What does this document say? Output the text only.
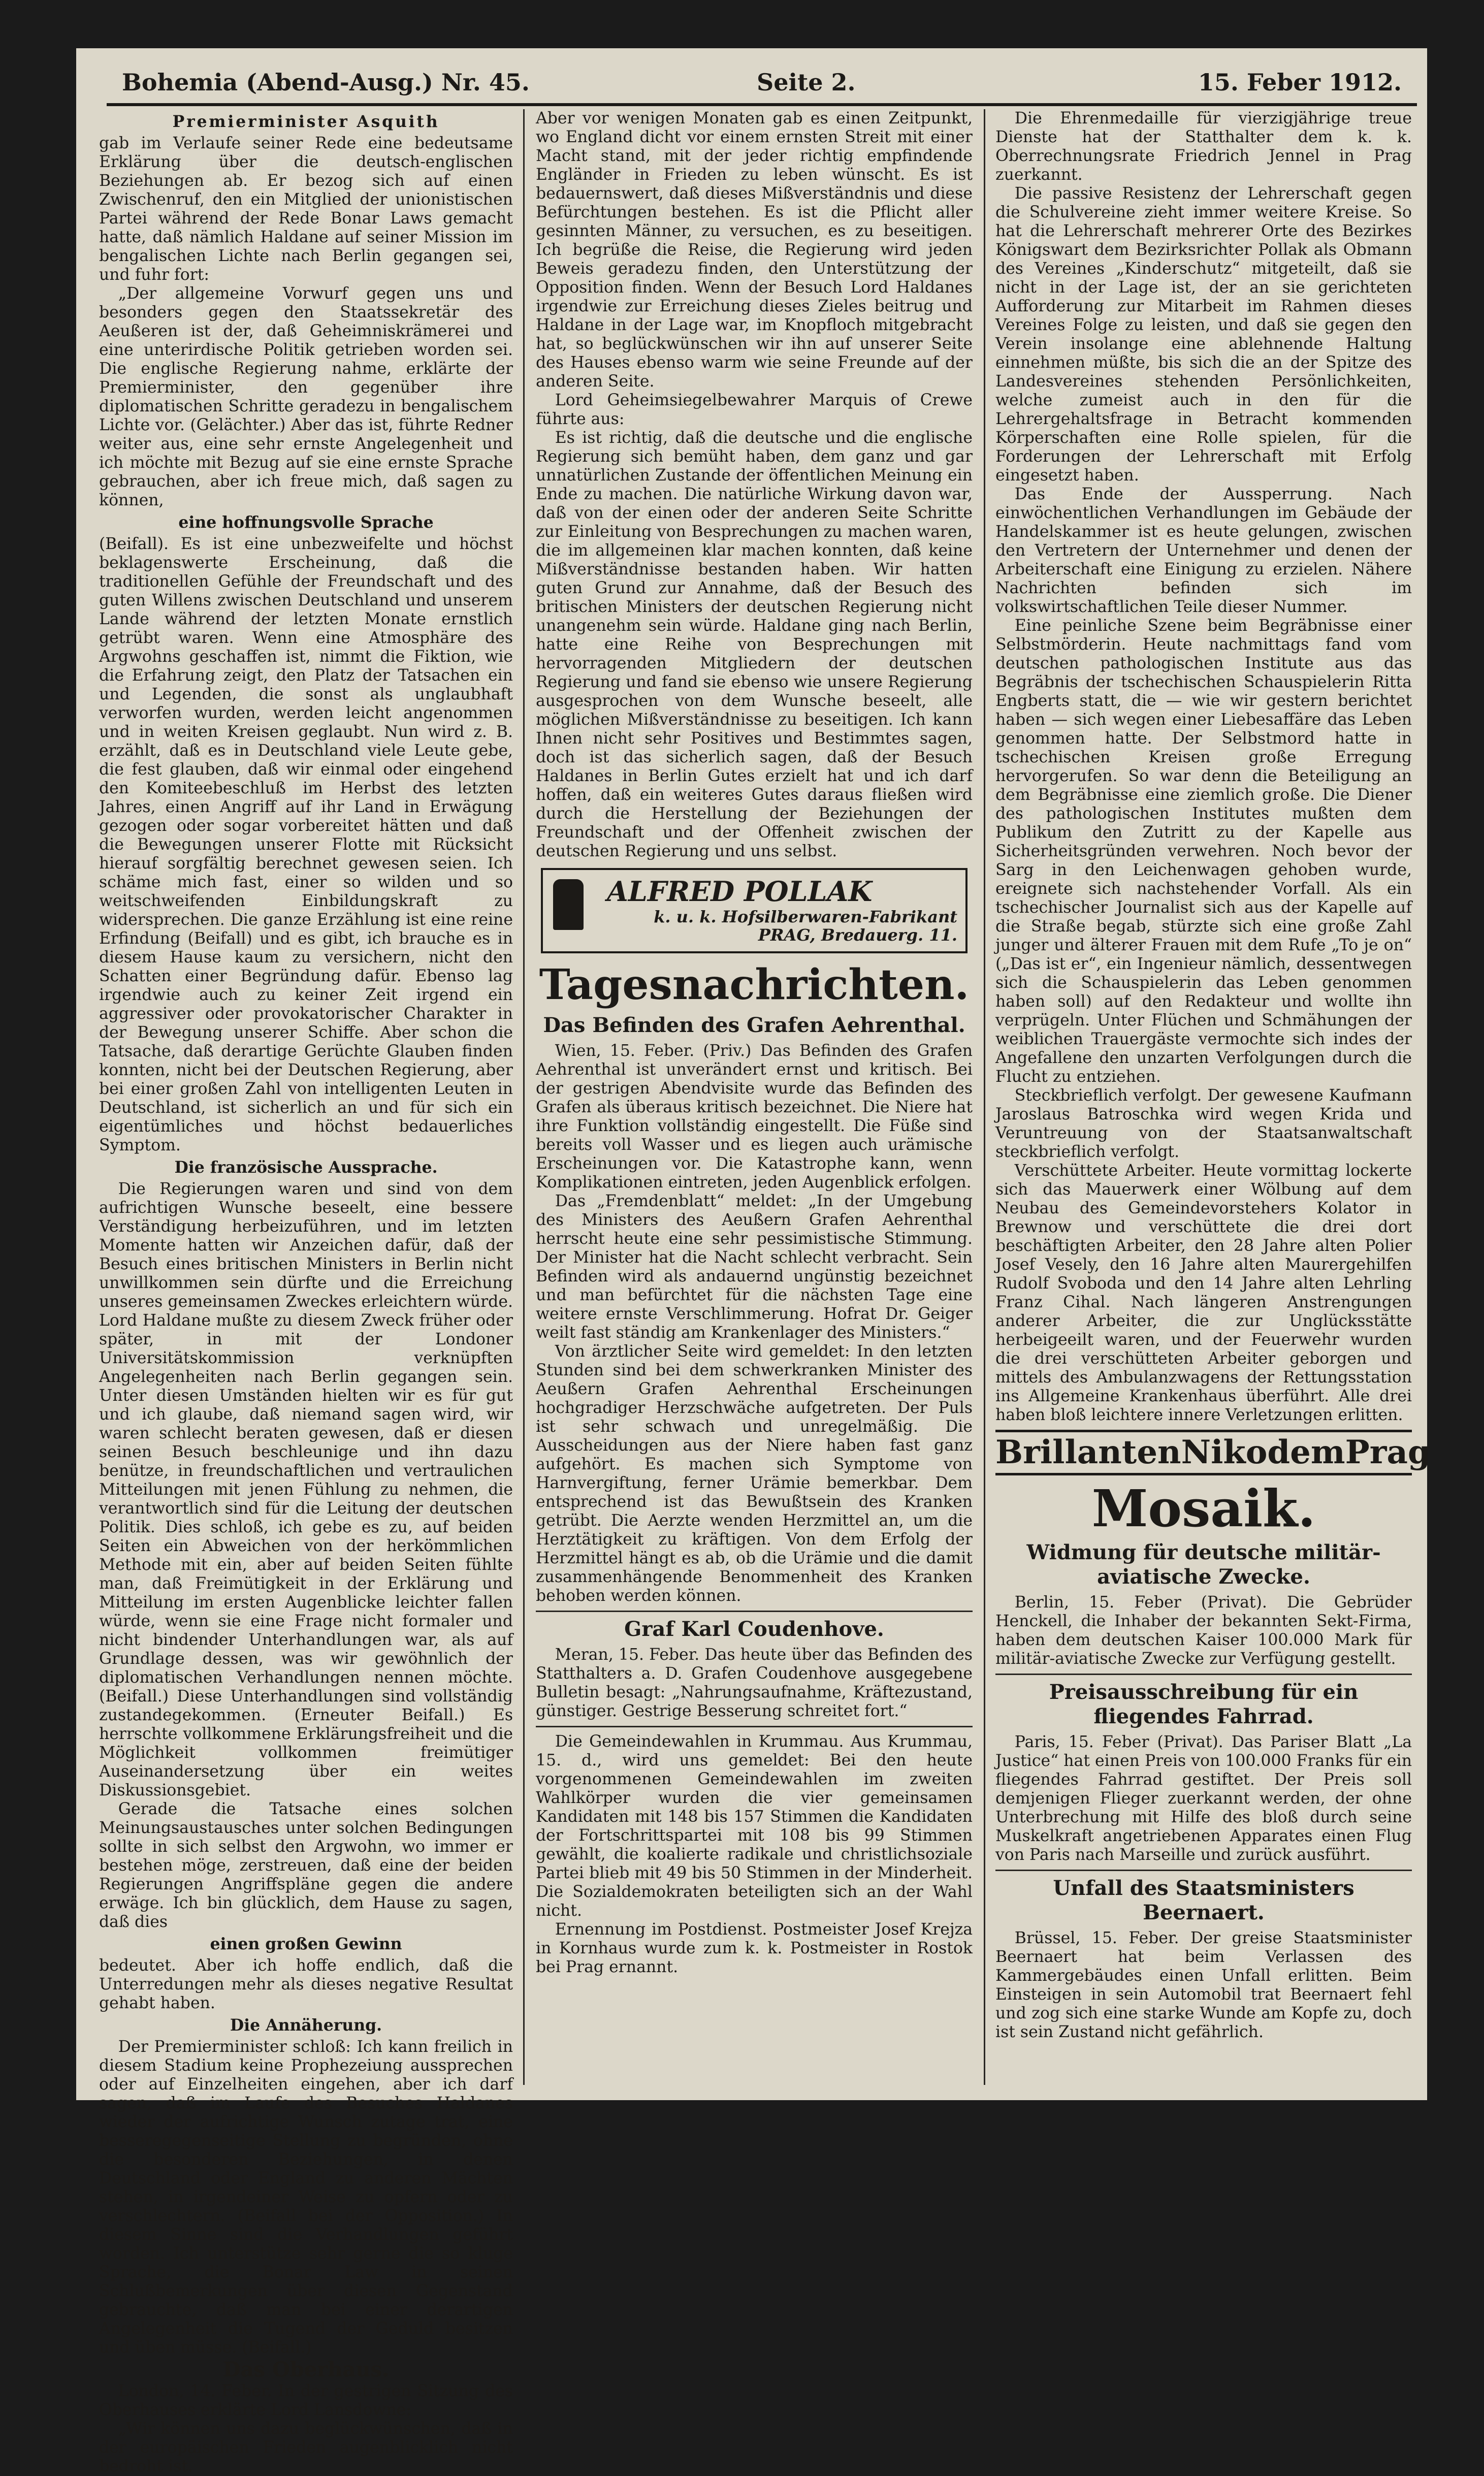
Bohemia (Abend-Ausg.) Nr. 45.	Seite 2.	15. Feber 1912.
Premierminister Asquith

gab im Verlaufe seiner Rede eine bedeutsame Erklärung über die deutsch-englischen Beziehungen ab. Er bezog sich auf einen Zwischenruf, den ein Mitglied der unionistischen Partei während der Rede Bonar Laws gemacht hatte, daß nämlich Haldane auf seiner Mission im bengalischen Lichte nach Berlin gegangen sei, und fuhr fort:

„Der allgemeine Vorwurf gegen uns und besonders gegen den Staatssekretär des Aeußeren ist der, daß Geheimniskrämerei und eine unterirdische Politik getrieben worden sei. Die englische Regierung nahme, erklärte der Premierminister, den gegenüber ihre diplomatischen Schritte geradezu in bengalischem Lichte vor. (Gelächter.) Aber das ist, führte Redner weiter aus, eine sehr ernste Angelegenheit und ich möchte mit Bezug auf sie eine ernste Sprache gebrauchen, aber ich freue mich, daß sagen zu können,

eine hoffnungsvolle Sprache

(Beifall). Es ist eine unbezweifelte und höchst beklagenswerte Erscheinung, daß die traditionellen Gefühle der Freundschaft und des guten Willens zwischen Deutschland und unserem Lande während der letzten Monate ernstlich getrübt waren. Wenn eine Atmosphäre des Argwohns geschaffen ist, nimmt die Fiktion, wie die Erfahrung zeigt, den Platz der Tatsachen ein und Legenden, die sonst als unglaubhaft verworfen wurden, werden leicht angenommen und in weiten Kreisen geglaubt. Nun wird z. B. erzählt, daß es in Deutschland viele Leute gebe, die fest glauben, daß wir einmal oder eingehend den Komiteebeschluß im Herbst des letzten Jahres, einen Angriff auf ihr Land in Erwägung gezogen oder sogar vorbereitet hätten und daß die Bewegungen unserer Flotte mit Rücksicht hierauf sorgfältig berechnet gewesen seien. Ich schäme mich fast, einer so wilden und so weitschweifenden Einbildungskraft zu widersprechen. Die ganze Erzählung ist eine reine Erfindung (Beifall) und es gibt, ich brauche es in diesem Hause kaum zu versichern, nicht den Schatten einer Begründung dafür. Ebenso lag irgendwie auch zu keiner Zeit irgend ein aggressiver oder provokatorischer Charakter in der Bewegung unserer Schiffe. Aber schon die Tatsache, daß derartige Gerüchte Glauben finden konnten, nicht bei der Deutschen Regierung, aber bei einer großen Zahl von intelligenten Leuten in Deutschland, ist sicherlich an und für sich ein eigentümliches und höchst bedauerliches Symptom.

Die französische Aussprache.

Die Regierungen waren und sind von dem aufrichtigen Wunsche beseelt, eine bessere Verständigung herbeizuführen, und im letzten Momente hatten wir Anzeichen dafür, daß der Besuch eines britischen Ministers in Berlin nicht unwillkommen sein dürfte und die Erreichung unseres gemeinsamen Zweckes erleichtern würde. Lord Haldane mußte zu diesem Zweck früher oder später, in mit der Londoner Universitätskommission verknüpften Angelegenheiten nach Berlin gegangen sein. Unter diesen Umständen hielten wir es für gut und ich glaube, daß niemand sagen wird, wir waren schlecht beraten gewesen, daß er diesen seinen Besuch beschleunige und ihn dazu benütze, in freundschaftlichen und vertraulichen Mitteilungen mit jenen Fühlung zu nehmen, die verantwortlich sind für die Leitung der deutschen Politik. Dies schloß, ich gebe es zu, auf beiden Seiten ein Abweichen von der herkömmlichen Methode mit ein, aber auf beiden Seiten fühlte man, daß Freimütigkeit in der Erklärung und Mitteilung im ersten Augenblicke leichter fallen würde, wenn sie eine Frage nicht formaler und nicht bindender Unterhandlungen war, als auf Grundlage dessen, was wir gewöhnlich der diplomatischen Verhandlungen nennen möchte. (Beifall.) Diese Unterhandlungen sind vollständig zustandegekommen. (Erneuter Beifall.) Es herrschte vollkommene Erklärungsfreiheit und die Möglichkeit vollkommen freimütiger Auseinandersetzung über ein weites Diskussionsgebiet.

Gerade die Tatsache eines solchen Meinungsaustausches unter solchen Bedingungen sollte in sich selbst den Argwohn, wo immer er bestehen möge, zerstreuen, daß eine der beiden Regierungen Angriffspläne gegen die andere erwäge. Ich bin glücklich, dem Hause zu sagen, daß dies

einen großen Gewinn

bedeutet. Aber ich hoffe endlich, daß die Unterredungen mehr als dieses negative Resultat gehabt haben.

Die Annäherung.

Der Premierminister schloß: Ich kann freilich in diesem Stadium keine Prophezeiung aussprechen oder auf Einzelheiten eingehen, aber ich darf sagen, daß im Laufe des Besuches Haldanes wieder der aufrichtige Wunsch zutage trat, eine besseregegenseitige Stellung zu begründen, ohne die besonderen Beziehungen, in denen Deutschland oder England zu anderen Mächten stehen, in irgendeiner Weise zu opfern oder zu verschlechtern. (Beifall bei der Opposition.) In diesem Sinne sind die Verhandlungen geführt worden. Ich unterstütze sehr gerne die so kluge Sprache, die Bonar Law in seinen Schlußbemerkungen über diesen Gegenstand gebrauchte, daß man bei einer derartigen Angelegenheit die Tugend der Geduld besitzen und üben müsse. (Beifall.)

Das Oberhaus.

London, 14. Feber. In der gestrigen Sitzung des Oberhauses erklärte Lord Lansdowne:

„Wir können uns dazu beglückwünschen, daß in der europäischen Frieden augenblicklich nicht bedroht ist.

Aber vor wenigen Monaten gab es einen Zeitpunkt, wo England dicht vor einem ernsten Streit mit einer Macht stand, mit der jeder richtig empfindende Engländer in Frieden zu leben wünscht. Es ist bedauernswert, daß dieses Mißverständnis und diese Befürchtungen bestehen. Es ist die Pflicht aller gesinnten Männer, zu versuchen, es zu beseitigen. Ich begrüße die Reise, die Regierung wird jeden Beweis geradezu finden, den Unterstützung der Opposition finden. Wenn der Besuch Lord Haldanes irgendwie zur Erreichung dieses Zieles beitrug und Haldane in der Lage war, im Knopfloch mitgebracht hat, so beglückwünschen wir ihn auf unserer Seite des Hauses ebenso warm wie seine Freunde auf der anderen Seite.

Lord Geheimsiegelbewahrer Marquis of Crewe führte aus:

Es ist richtig, daß die deutsche und die englische Regierung sich bemüht haben, dem ganz und gar unnatürlichen Zustande der öffentlichen Meinung ein Ende zu machen. Die natürliche Wirkung davon war, daß von der einen oder der anderen Seite Schritte zur Einleitung von Besprechungen zu machen waren, die im allgemeinen klar machen konnten, daß keine Mißverständnisse bestanden haben. Wir hatten guten Grund zur Annahme, daß der Besuch des britischen Ministers der deutschen Regierung nicht unangenehm sein würde. Haldane ging nach Berlin, hatte eine Reihe von Besprechungen mit hervorragenden Mitgliedern der deutschen Regierung und fand sie ebenso wie unsere Regierung ausgesprochen von dem Wunsche beseelt, alle möglichen Mißverständnisse zu beseitigen. Ich kann Ihnen nicht sehr Positives und Bestimmtes sagen, doch ist das sicherlich sagen, daß der Besuch Haldanes in Berlin Gutes erzielt hat und ich darf hoffen, daß ein weiteres Gutes daraus fließen wird durch die Herstellung der Beziehungen der Freundschaft und der Offenheit zwischen der deutschen Regierung und uns selbst.

ALFRED POLLAK
k. u. k. Hofsilberwaren-Fabrikant
PRAG, Bredauerg. 11.
Tagesnachrichten.
Das Befinden des Grafen Aehrenthal.

Wien, 15. Feber. (Priv.) Das Befinden des Grafen Aehrenthal ist unverändert ernst und kritisch. Bei der gestrigen Abendvisite wurde das Befinden des Grafen als überaus kritisch bezeichnet. Die Niere hat ihre Funktion vollständig eingestellt. Die Füße sind bereits voll Wasser und es liegen auch urämische Erscheinungen vor. Die Katastrophe kann, wenn Komplikationen eintreten, jeden Augenblick erfolgen.

Das „Fremdenblatt“ meldet: „In der Umgebung des Ministers des Aeußern Grafen Aehrenthal herrscht heute eine sehr pessimistische Stimmung. Der Minister hat die Nacht schlecht verbracht. Sein Befinden wird als andauernd ungünstig bezeichnet und man befürchtet für die nächsten Tage eine weitere ernste Verschlimmerung. Hofrat Dr. Geiger weilt fast ständig am Krankenlager des Ministers.“

Von ärztlicher Seite wird gemeldet: In den letzten Stunden sind bei dem schwerkranken Minister des Aeußern Grafen Aehrenthal Erscheinungen hochgradiger Herzschwäche aufgetreten. Der Puls ist sehr schwach und unregelmäßig. Die Ausscheidungen aus der Niere haben fast ganz aufgehört. Es machen sich Symptome von Harnvergiftung, ferner Urämie bemerkbar. Dem entsprechend ist das Bewußtsein des Kranken getrübt. Die Aerzte wenden Herzmittel an, um die Herztätigkeit zu kräftigen. Von dem Erfolg der Herzmittel hängt es ab, ob die Urämie und die damit zusammenhängende Benommenheit des Kranken behoben werden können.

Graf Karl Coudenhove.

Meran, 15. Feber. Das heute über das Befinden des Statthalters a. D. Grafen Coudenhove ausgegebene Bulletin besagt: „Nahrungsaufnahme, Kräftezustand, günstiger. Gestrige Besserung schreitet fort.“

Die Gemeindewahlen in Krummau. Aus Krummau, 15. d., wird uns gemeldet: Bei den heute vorgenommenen Gemeindewahlen im zweiten Wahlkörper wurden die vier gemeinsamen Kandidaten mit 148 bis 157 Stimmen die Kandidaten der Fortschrittspartei mit 108 bis 99 Stimmen gewählt, die koalierte radikale und christlichsoziale Partei blieb mit 49 bis 50 Stimmen in der Minderheit. Die Sozialdemokraten beteiligten sich an der Wahl nicht.

Ernennung im Postdienst. Postmeister Josef Krejza in Kornhaus wurde zum k. k. Postmeister in Rostok bei Prag ernannt.

Die Ehrenmedaille für vierzigjährige treue Dienste hat der Statthalter dem k. k. Oberrechnungsrate Friedrich Jennel in Prag zuerkannt.

Die passive Resistenz der Lehrerschaft gegen die Schulvereine zieht immer weitere Kreise. So hat die Lehrerschaft mehrerer Orte des Bezirkes Königswart dem Bezirksrichter Pollak als Obmann des Vereines „Kinderschutz“ mitgeteilt, daß sie nicht in der Lage ist, der an sie gerichteten Aufforderung zur Mitarbeit im Rahmen dieses Vereines Folge zu leisten, und daß sie gegen den Verein insolange eine ablehnende Haltung einnehmen müßte, bis sich die an der Spitze des Landesvereines stehenden Persönlichkeiten, welche zumeist auch in den für die Lehrergehaltsfrage in Betracht kommenden Körperschaften eine Rolle spielen, für die Forderungen der Lehrerschaft mit Erfolg eingesetzt haben.

Das Ende der Aussperrung. Nach einwöchentlichen Verhandlungen im Gebäude der Handelskammer ist es heute gelungen, zwischen den Vertretern der Unternehmer und denen der Arbeiterschaft eine Einigung zu erzielen. Nähere Nachrichten befinden sich im volkswirtschaftlichen Teile dieser Nummer.

Eine peinliche Szene beim Begräbnisse einer Selbstmörderin. Heute nachmittags fand vom deutschen pathologischen Institute aus das Begräbnis der tschechischen Schauspielerin Ritta Engberts statt, die — wie wir gestern berichtet haben — sich wegen einer Liebesaffäre das Leben genommen hatte. Der Selbstmord hatte in tschechischen Kreisen große Erregung hervorgerufen. So war denn die Beteiligung an dem Begräbnisse eine ziemlich große. Die Diener des pathologischen Institutes mußten dem Publikum den Zutritt zu der Kapelle aus Sicherheitsgründen verwehren. Noch bevor der Sarg in den Leichenwagen gehoben wurde, ereignete sich nachstehender Vorfall. Als ein tschechischer Journalist sich aus der Kapelle auf die Straße begab, stürzte sich eine große Zahl junger und älterer Frauen mit dem Rufe „To je on“ („Das ist er“, ein Ingenieur nämlich, dessentwegen sich die Schauspielerin das Leben genommen haben soll) auf den Redakteur und wollte ihn verprügeln. Unter Flüchen und Schmähungen der weiblichen Trauergäste vermochte sich indes der Angefallene den unzarten Verfolgungen durch die Flucht zu entziehen.

Steckbrieflich verfolgt. Der gewesene Kaufmann Jaroslaus Batroschka wird wegen Krida und Veruntreuung von der Staatsanwaltschaft steckbrieflich verfolgt.

Verschüttete Arbeiter. Heute vormittag lockerte sich das Mauerwerk einer Wölbung auf dem Neubau des Gemeindevorstehers Kolator in Brewnow und verschüttete die drei dort beschäftigten Arbeiter, den 28 Jahre alten Polier Josef Vesely, den 16 Jahre alten Maurergehilfen Rudolf Svoboda und den 14 Jahre alten Lehrling Franz Cihal. Nach längeren Anstrengungen anderer Arbeiter, die zur Unglücksstätte herbeigeeilt waren, und der Feuerwehr wurden die drei verschütteten Arbeiter geborgen und mittels des Ambulanzwagens der Rettungsstation ins Allgemeine Krankenhaus überführt. Alle drei haben bloß leichtere innere Verletzungen erlitten.

Brillanten Nikodem Prag
Mosaik.
Widmung für deutsche militär-aviatische Zwecke.

Berlin, 15. Feber (Privat). Die Gebrüder Henckell, die Inhaber der bekannten Sekt-Firma, haben dem deutschen Kaiser 100.000 Mark für militär-aviatische Zwecke zur Verfügung gestellt.

Preisausschreibung für ein fliegendes Fahrrad.

Paris, 15. Feber (Privat). Das Pariser Blatt „La Justice“ hat einen Preis von 100.000 Franks für ein fliegendes Fahrrad gestiftet. Der Preis soll demjenigen Flieger zuerkannt werden, der ohne Unterbrechung mit Hilfe des bloß durch seine Muskelkraft angetriebenen Apparates einen Flug von Paris nach Marseille und zurück ausführt.

Unfall des Staatsministers Beernaert.

Brüssel, 15. Feber. Der greise Staatsminister Beernaert hat beim Verlassen des Kammergebäudes einen Unfall erlitten. Beim Einsteigen in sein Automobil trat Beernaert fehl und zog sich eine starke Wunde am Kopfe zu, doch ist sein Zustand nicht gefährlich.
